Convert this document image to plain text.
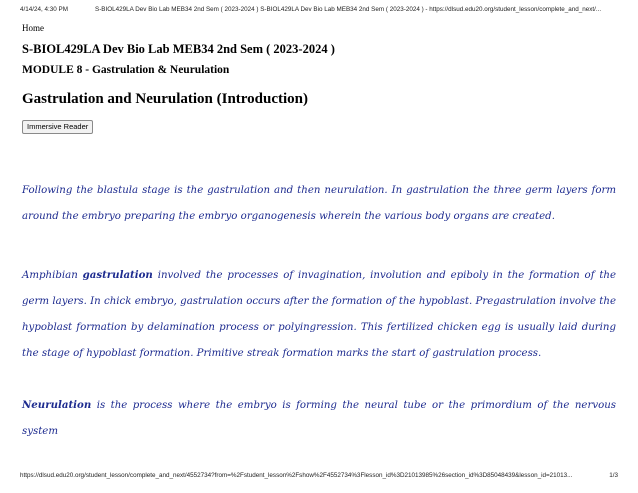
4/14/24, 4:30 PM	S-BIOL429LA Dev Bio Lab MEB34 2nd Sem ( 2023-2024 ) S-BIOL429LA Dev Bio Lab MEB34 2nd Sem ( 2023-2024 ) - https://dlsud.edu20.org/student_lesson/complete_and_next/...
Home
S-BIOL429LA Dev Bio Lab MEB34 2nd Sem ( 2023-2024 )
MODULE 8 - Gastrulation & Neurulation
Gastrulation and Neurulation (Introduction)
Immersive Reader

Following the blastula stage is the gastrulation and then neurulation. In gastrulation the three germ layers form around the embryo preparing the embryo organogenesis wherein the various body organs are created.

Amphibian gastrulation involved the processes of invagination, involution and epiboly in the formation of the germ layers. In chick embryo, gastrulation occurs after the formation of the hypoblast. Pregastrulation involve the hypoblast formation by delamination process or polyingression. This fertilized chicken egg is usually laid during the stage of hypoblast formation. Primitive streak formation marks the start of gastrulation process.

Neurulation is the process where the embryo is forming the neural tube or the primordium of the nervous system

https://dlsud.edu20.org/student_lesson/complete_and_next/4552734?from=%2Fstudent_lesson%2Fshow%2F4552734%3Flesson_id%3D21013985%26section_id%3D85048439&lesson_id=21013...	1/3
